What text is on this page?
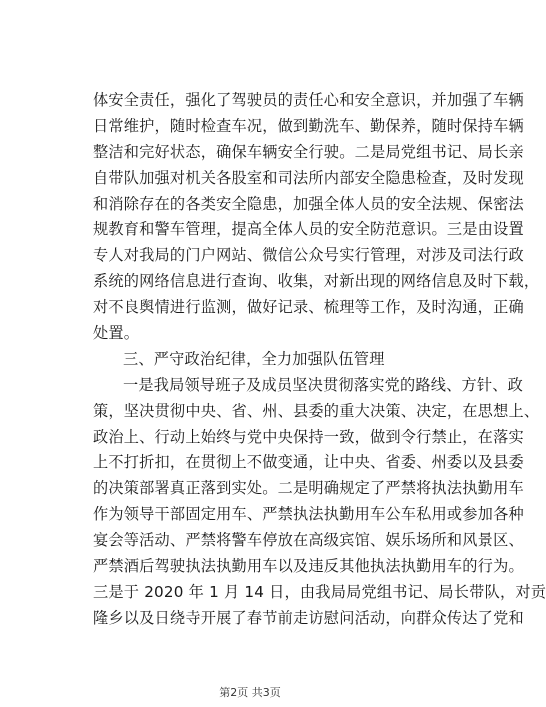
体安全责任，强化了驾驶员的责任心和安全意识，并加强了车辆
日常维护，随时检查车况，做到勤洗车、勤保养，随时保持车辆
整洁和完好状态，确保车辆安全行驶。二是局党组书记、局长亲
自带队加强对机关各股室和司法所内部安全隐患检查，及时发现
和消除存在的各类安全隐患，加强全体人员的安全法规、保密法
规教育和警车管理，提高全体人员的安全防范意识。三是由设置
专人对我局的门户网站、微信公众号实行管理，对涉及司法行政
系统的网络信息进行查询、收集，对新出现的网络信息及时下载，
对不良舆情进行监测，做好记录、梳理等工作，及时沟通，正确
处置。
三、严守政治纪律，全力加强队伍管理
一是我局领导班子及成员坚决贯彻落实党的路线、方针、政
策，坚决贯彻中央、省、州、县委的重大决策、决定，在思想上、
政治上、行动上始终与党中央保持一致，做到令行禁止，在落实
上不打折扣，在贯彻上不做变通，让中央、省委、州委以及县委
的决策部署真正落到实处。二是明确规定了严禁将执法执勤用车
作为领导干部固定用车、严禁执法执勤用车公车私用或参加各种
宴会等活动、严禁将警车停放在高级宾馆、娱乐场所和风景区、
严禁酒后驾驶执法执勤用车以及违反其他执法执勤用车的行为。
三是于 2020 年 1 月 14 日，由我局局党组书记、局长带队，对贡
隆乡以及日绕寺开展了春节前走访慰问活动，向群众传达了党和
第2页 共3页
